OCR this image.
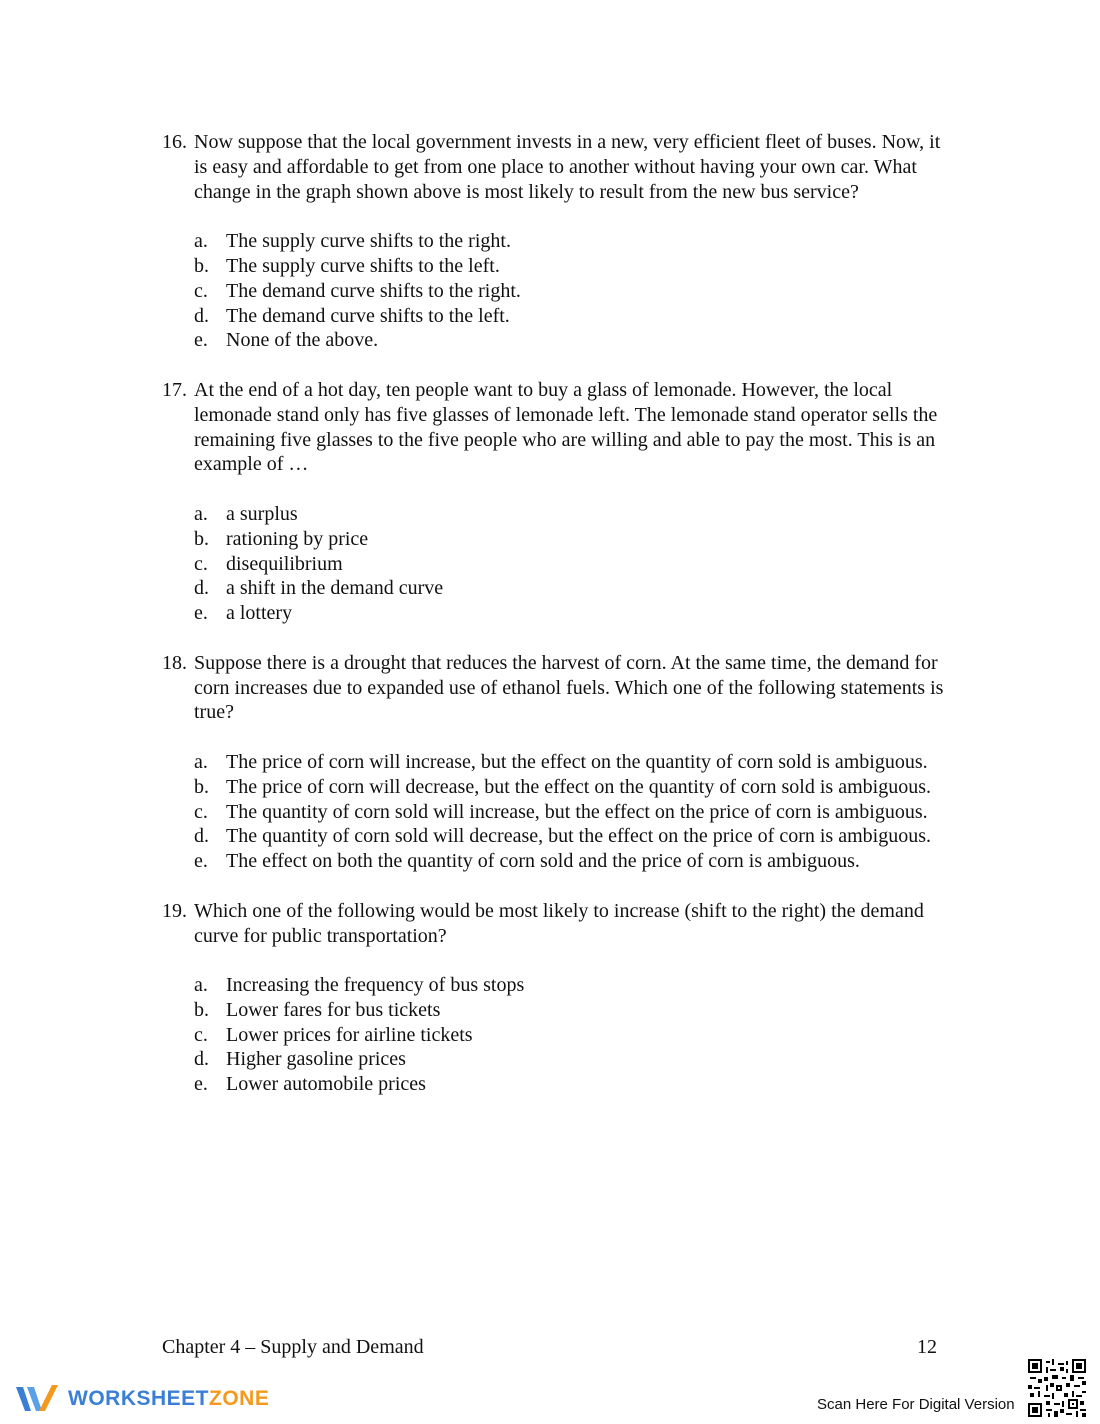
16. Now suppose that the local government invests in a new, very efficient fleet of buses. Now, it is easy and affordable to get from one place to another without having your own car. What change in the graph shown above is most likely to result from the new bus service?
a. The supply curve shifts to the right.
b. The supply curve shifts to the left.
c. The demand curve shifts to the right.
d. The demand curve shifts to the left.
e. None of the above.
17. At the end of a hot day, ten people want to buy a glass of lemonade. However, the local lemonade stand only has five glasses of lemonade left. The lemonade stand operator sells the remaining five glasses to the five people who are willing and able to pay the most. This is an example of …
a. a surplus
b. rationing by price
c. disequilibrium
d. a shift in the demand curve
e. a lottery
18. Suppose there is a drought that reduces the harvest of corn. At the same time, the demand for corn increases due to expanded use of ethanol fuels. Which one of the following statements is true?
a. The price of corn will increase, but the effect on the quantity of corn sold is ambiguous.
b. The price of corn will decrease, but the effect on the quantity of corn sold is ambiguous.
c. The quantity of corn sold will increase, but the effect on the price of corn is ambiguous.
d. The quantity of corn sold will decrease, but the effect on the price of corn is ambiguous.
e. The effect on both the quantity of corn sold and the price of corn is ambiguous.
19. Which one of the following would be most likely to increase (shift to the right) the demand curve for public transportation?
a. Increasing the frequency of bus stops
b. Lower fares for bus tickets
c. Lower prices for airline tickets
d. Higher gasoline prices
e. Lower automobile prices
Chapter 4 – Supply and Demand	12
WORKSHEETZONE	Scan Here For Digital Version
